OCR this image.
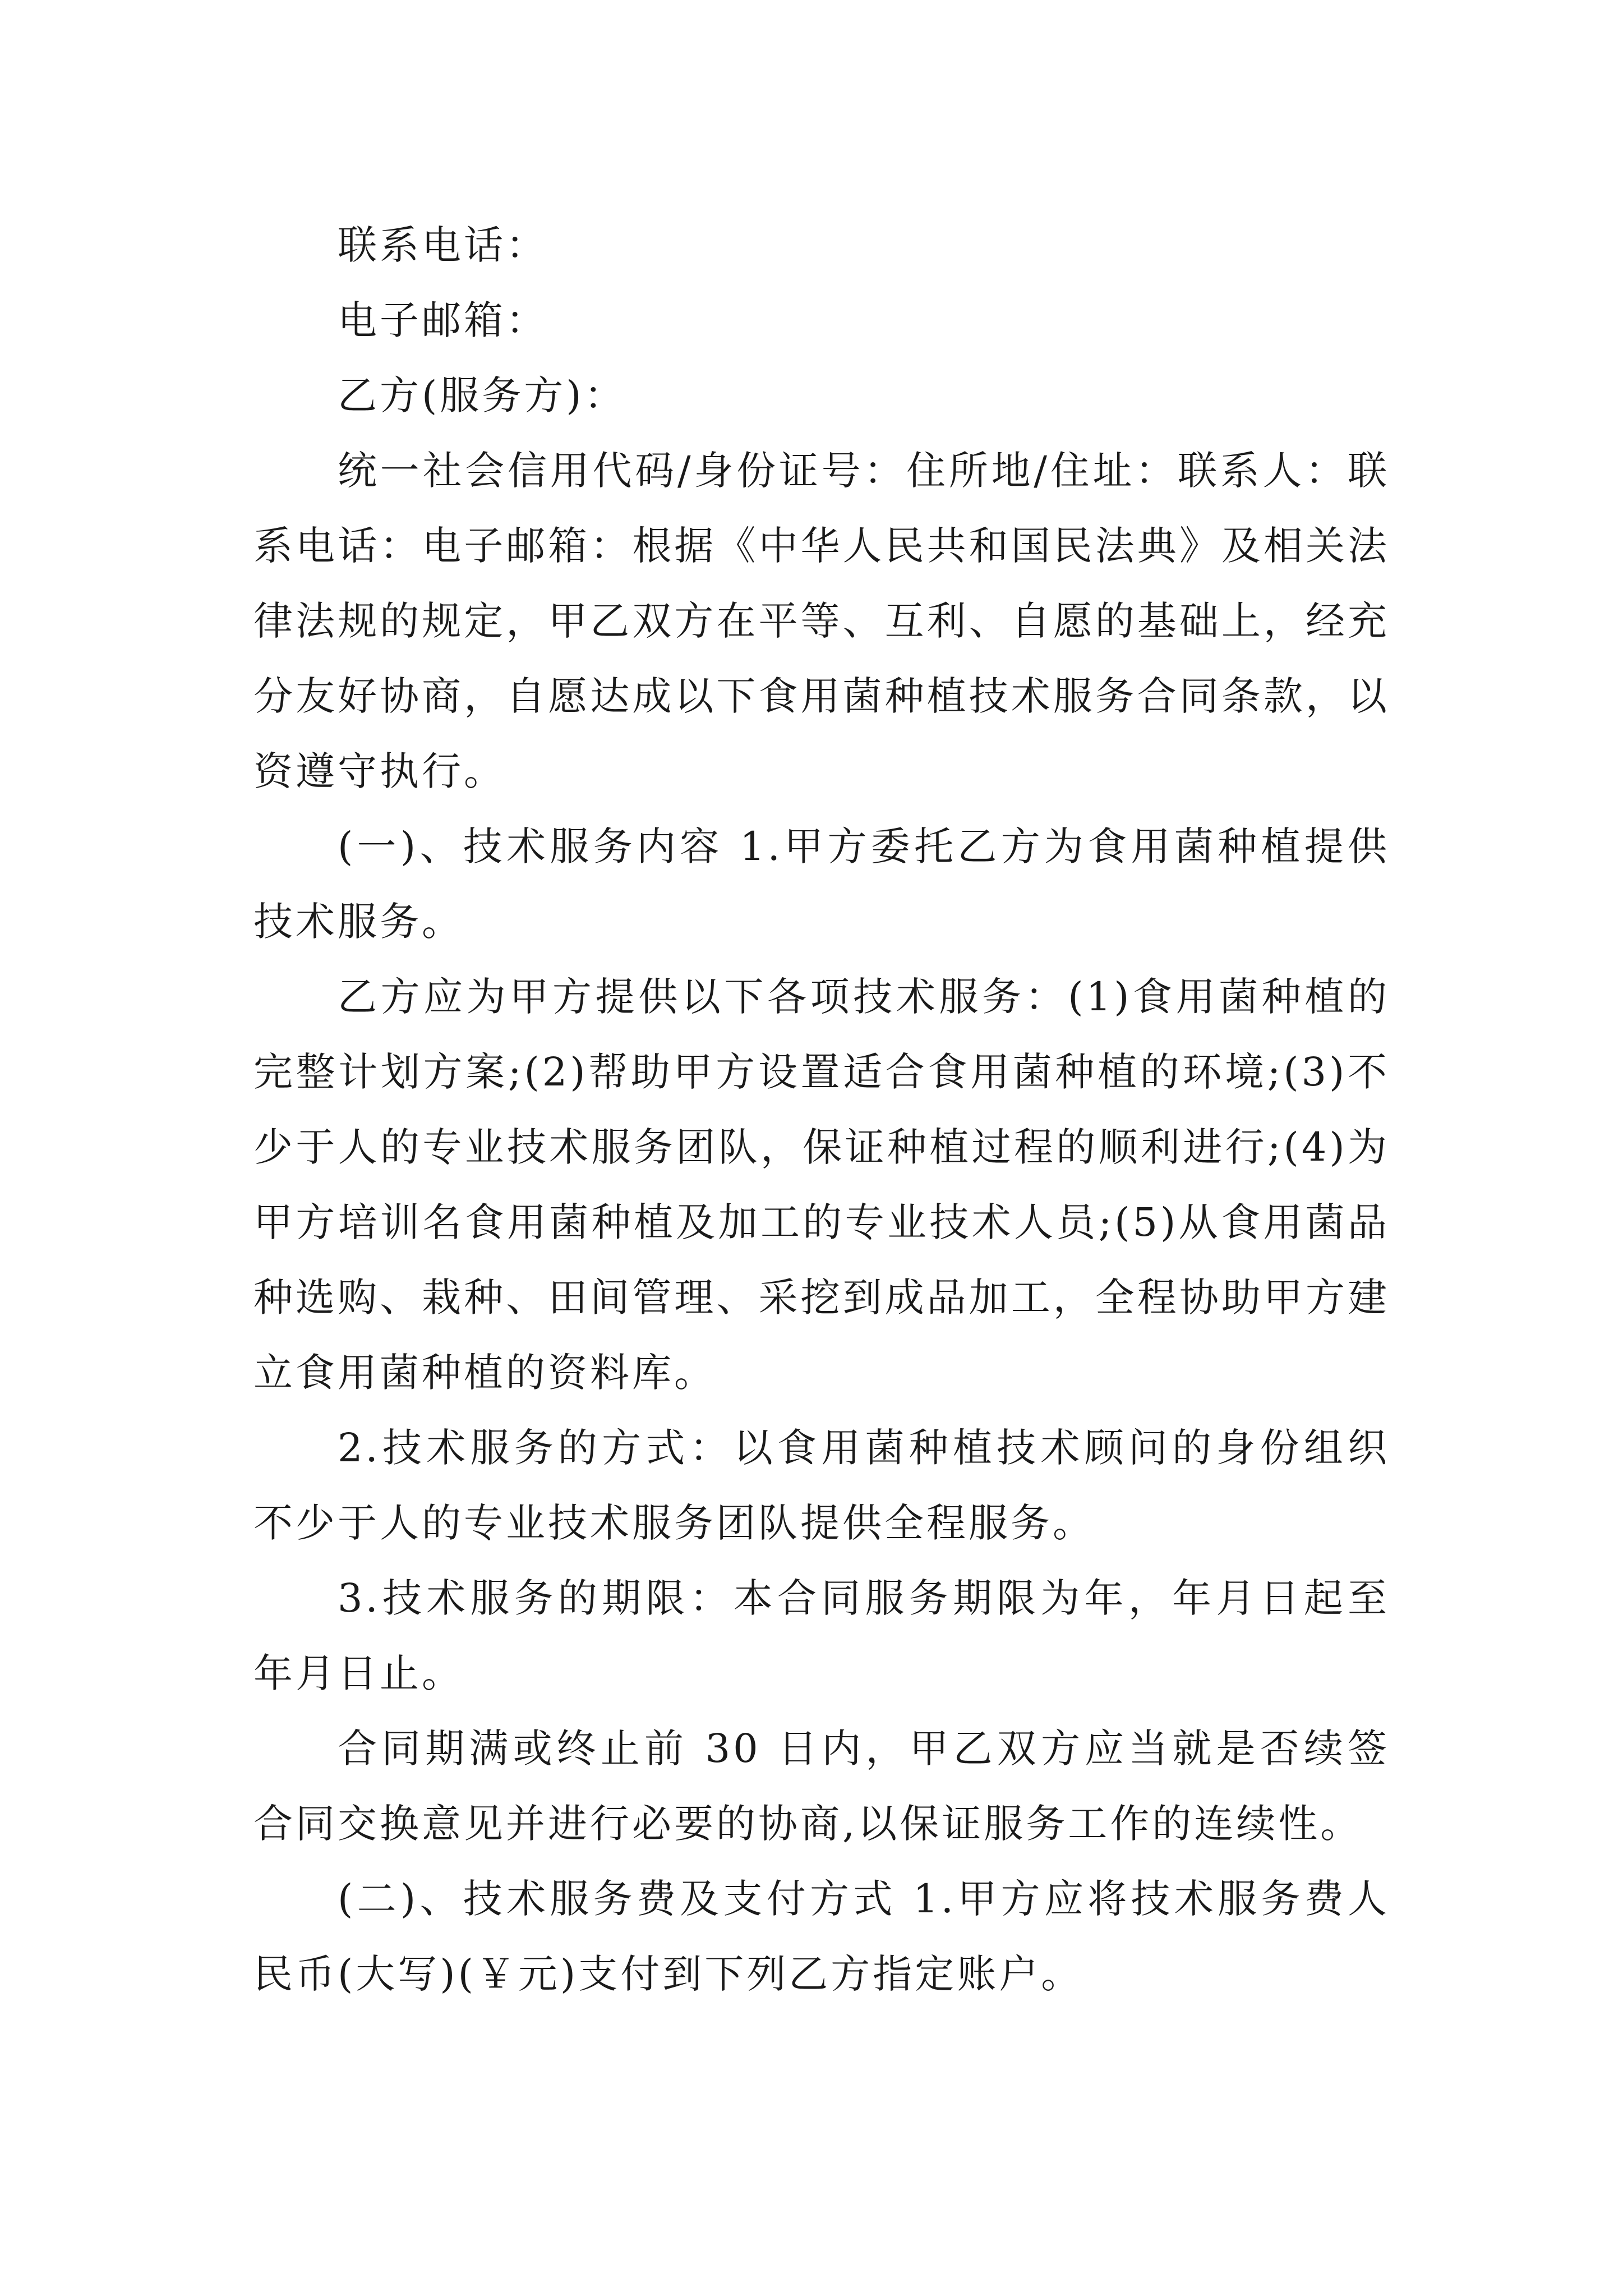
联系电话：

电子邮箱：

乙方(服务方)：

统一社会信用代码/身份证号：住所地/住址：联系人：联系电话：电子邮箱：根据《中华人民共和国民法典》及相关法律法规的规定，甲乙双方在平等、互利、自愿的基础上，经充分友好协商，自愿达成以下食用菌种植技术服务合同条款，以资遵守执行。

(一)、技术服务内容 1.甲方委托乙方为食用菌种植提供技术服务。

乙方应为甲方提供以下各项技术服务：(1)食用菌种植的完整计划方案;(2)帮助甲方设置适合食用菌种植的环境;(3)不少于人的专业技术服务团队，保证种植过程的顺利进行;(4)为甲方培训名食用菌种植及加工的专业技术人员;(5)从食用菌品种选购、栽种、田间管理、采挖到成品加工，全程协助甲方建立食用菌种植的资料库。

2.技术服务的方式：以食用菌种植技术顾问的身份组织不少于人的专业技术服务团队提供全程服务。

3.技术服务的期限：本合同服务期限为年，年月日起至年月日止。

合同期满或终止前 30 日内，甲乙双方应当就是否续签合同交换意见并进行必要的协商,以保证服务工作的连续性。

(二)、技术服务费及支付方式 1.甲方应将技术服务费人民币(大写)(￥元)支付到下列乙方指定账户。
